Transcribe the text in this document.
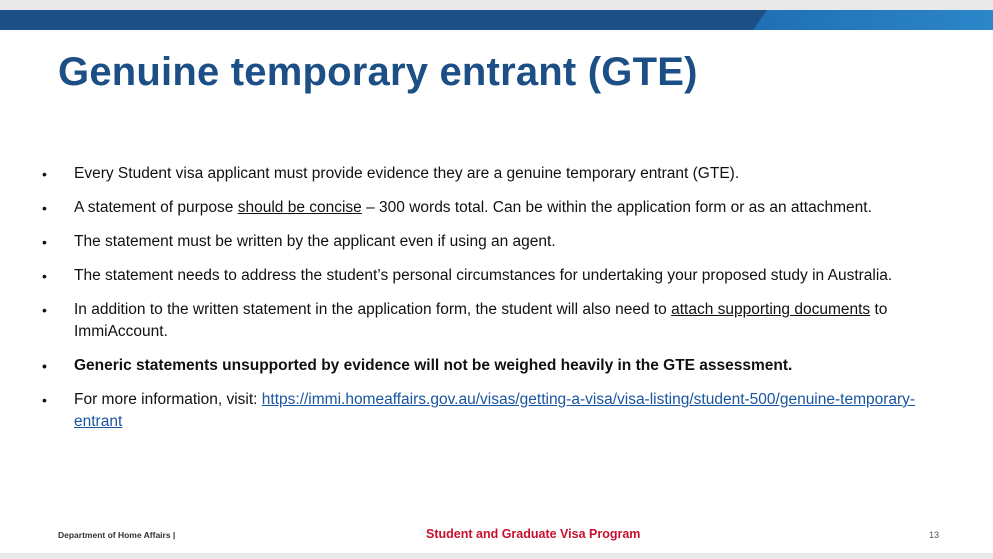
Genuine temporary entrant (GTE)
• Every Student visa applicant must provide evidence they are a genuine temporary entrant (GTE).
• A statement of purpose should be concise – 300 words total. Can be within the application form or as an attachment.
• The statement must be written by the applicant even if using an agent.
• The statement needs to address the student’s personal circumstances for undertaking your proposed study in Australia.
• In addition to the written statement in the application form, the student will also need to attach supporting documents to ImmiAccount.
• Generic statements unsupported by evidence will not be weighed heavily in the GTE assessment.
• For more information, visit: https://immi.homeaffairs.gov.au/visas/getting-a-visa/visa-listing/student-500/genuine-temporary-entrant
Department of Home Affairs |	Student and Graduate Visa Program	13
